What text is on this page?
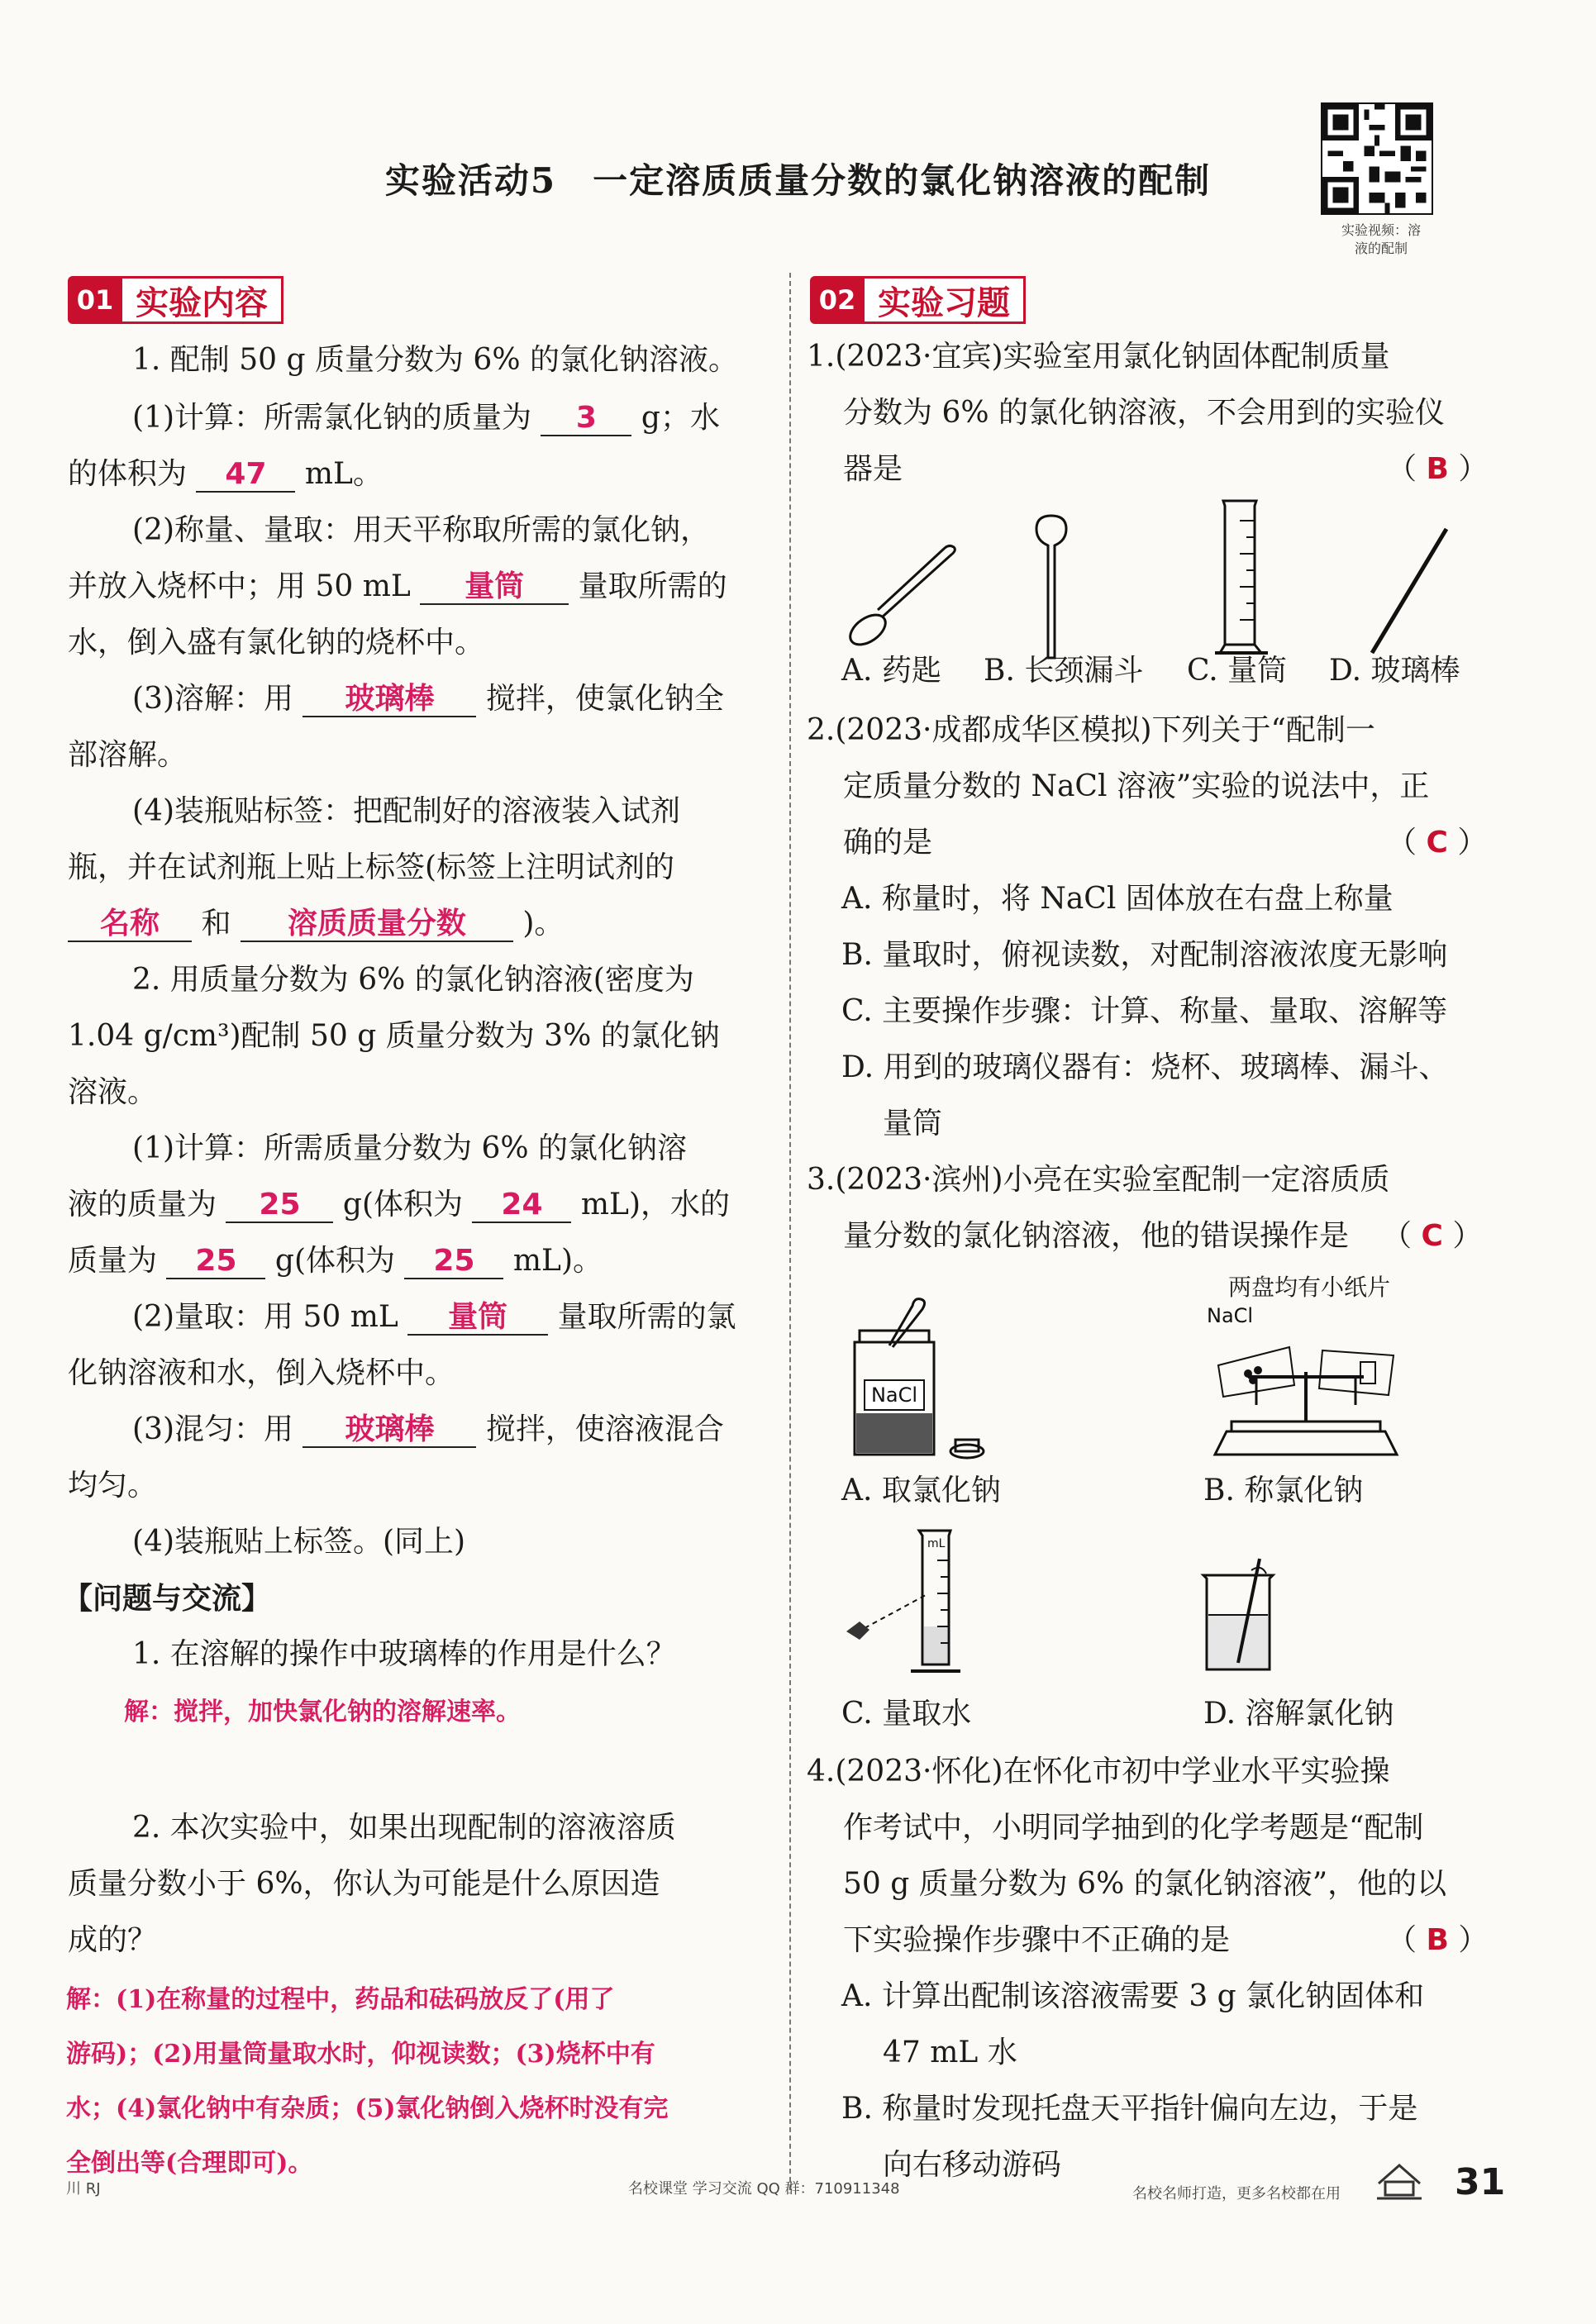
实验活动5　一定溶质质量分数的氯化钠溶液的配制
实验视频：溶
液的配制
01 实验内容
1. 配制 50 g 质量分数为 6% 的氯化钠溶液。
(1)计算：所需氯化钠的质量为 3 g；水
的体积为 47 mL。
(2)称量、量取：用天平称取所需的氯化钠，
并放入烧杯中；用 50 mL 量筒 量取所需的
水，倒入盛有氯化钠的烧杯中。
(3)溶解：用 玻璃棒 搅拌，使氯化钠全
部溶解。
(4)装瓶贴标签：把配制好的溶液装入试剂
瓶，并在试剂瓶上贴上标签(标签上注明试剂的
名称 和 溶质质量分数 )。
2. 用质量分数为 6% 的氯化钠溶液(密度为
1.04 g/cm³)配制 50 g 质量分数为 3% 的氯化钠
溶液。
(1)计算：所需质量分数为 6% 的氯化钠溶
液的质量为 25 g(体积为 24 mL)，水的
质量为 25 g(体积为 25 mL)。
(2)量取：用 50 mL 量筒 量取所需的氯
化钠溶液和水，倒入烧杯中。
(3)混匀：用 玻璃棒 搅拌，使溶液混合
均匀。
(4)装瓶贴上标签。(同上)
【问题与交流】
1. 在溶解的操作中玻璃棒的作用是什么？
解：搅拌，加快氯化钠的溶解速率。
2. 本次实验中，如果出现配制的溶液溶质
质量分数小于 6%，你认为可能是什么原因造
成的？
解：(1)在称量的过程中，药品和砝码放反了(用了
游码)；(2)用量筒量取水时，仰视读数；(3)烧杯中有
水；(4)氯化钠中有杂质；(5)氯化钠倒入烧杯时没有完
全倒出等(合理即可)。
02 实验习题
1.(2023·宜宾)实验室用氯化钠固体配制质量
分数为 6% 的氯化钠溶液，不会用到的实验仪
器是	（ B ）
A. 药匙 B. 长颈漏斗 C. 量筒 D. 玻璃棒
2.(2023·成都成华区模拟)下列关于“配制一
定质量分数的 NaCl 溶液”实验的说法中，正
确的是	（ C ）
A. 称量时，将 NaCl 固体放在右盘上称量
B. 量取时，俯视读数，对配制溶液浓度无影响
C. 主要操作步骤：计算、称量、量取、溶解等
D. 用到的玻璃仪器有：烧杯、玻璃棒、漏斗、
量筒
3.(2023·滨州)小亮在实验室配制一定溶质质
量分数的氯化钠溶液，他的错误操作是 （ C ）
两盘均有小纸片
NaCl
NaCl
A. 取氯化钠	B. 称氯化钠
mL
C. 量取水	D. 溶解氯化钠
4.(2023·怀化)在怀化市初中学业水平实验操
作考试中，小明同学抽到的化学考题是“配制
50 g 质量分数为 6% 的氯化钠溶液”，他的以
下实验操作步骤中不正确的是	（ B ）
A. 计算出配制该溶液需要 3 g 氯化钠固体和
47 mL 水
B. 称量时发现托盘天平指针偏向左边，于是
向右移动游码
川 RJ	名校课堂 学习交流 QQ 群：710911348	名校名师打造，更多名校都在用	31
